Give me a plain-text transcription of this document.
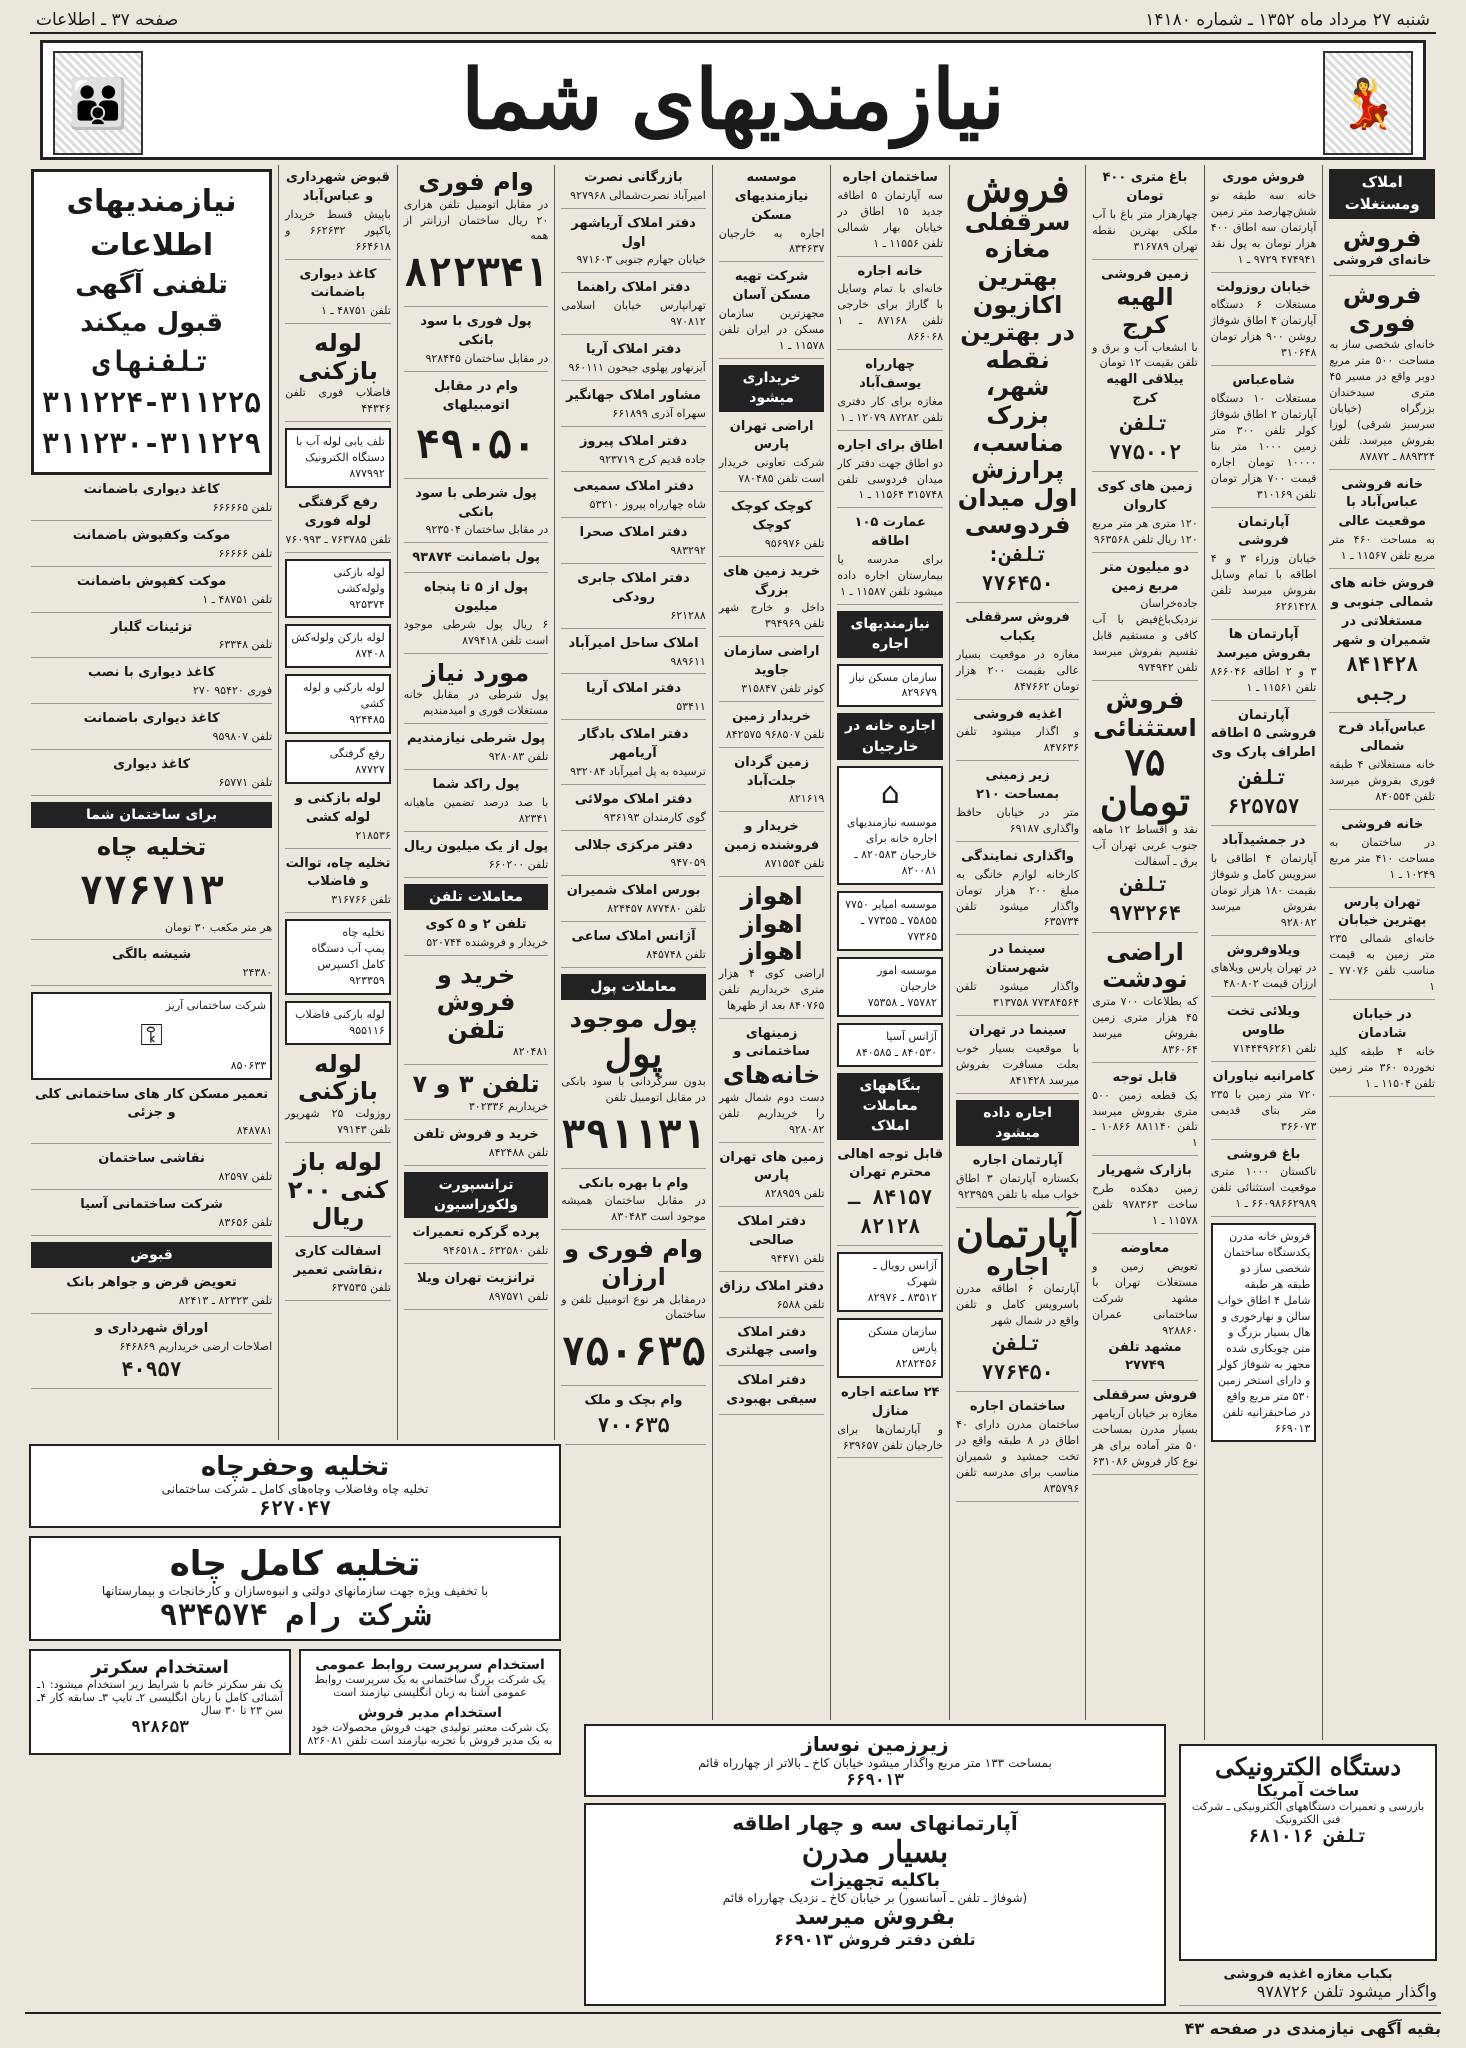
شنبه ۲۷ مرداد ماه ۱۳۵۲ ـ شماره ۱۴۱۸۰
صفحه ۳۷ ـ اطلاعات
👪	نیازمندیهای شما	💃
املاک ومستغلات
فروش
خانه‌ای فروشی
فروش فوری
خانه‌ای شخصی ساز به مساحت ۵۰۰ متر مربع دوبر واقع در مسیر ۴۵ متری سیدخندان بزرگراه (خیابان سرسبز شرقی) لوزا بفروش میرسد. تلفن ۸۸۹۳۲۴ ـ ۸۷۸۷۲
خانه فروشی عباس‌آباد با موقعیت عالی
به مساحت ۴۶۰ متر مربع تلفن ۱۱۵۶۷ ـ ۱
فروش خانه های شمالی جنوبی و مستغلاتی در شمیران و شهر
۸۴۱۴۲۸ رجبی
عباس‌آباد فرح شمالی
خانه مستغلاتی ۴ طبقه فوری بفروش میرسد تلفن ۸۴۰۵۵۴
خانه فروشی
در ساختمان به مساحت ۴۱۰ متر مربع ۱۰۲۴۹ ـ ۱
تهران پارس بهترین خیابان
خانه‌ای شمالی ۲۳۵ متر زمین به قیمت مناسب تلفن ۷۷۰۷۶ ـ ۱
در خیابان شادمان
خانه ۴ طبقه کلید نخورده ۳۶۰ متر زمین تلفن ۱۱۵۰۴ ـ ۱
فروش موری
خانه سه طبقه نو شش‌چهارصد متر زمین آپارتمان سه اطاق ۴۰۰ هزار تومان به پول نقد ۴۷۴۹۴۱ ۹۷۲۹ ـ ۱
خیابان روزولت
مستغلات ۶ دستگاه آپارتمان ۴ اطاق شوفاژ روشن ۹۰۰ هزار تومان ۳۱۰۶۴۸
شاه‌عباس
مستغلات ۱۰ دستگاه آپارتمان ۲ اطاق شوفاژ کولر تلفن ۳۰۰ متر زمین ۱۰۰۰ متر بنا ۱۰۰۰۰ تومان اجاره قیمت ۷۰۰ هزار تومان تلفن ۳۱۰۱۶۹
آپارتمان فروشی
خیابان وزراء ۳ و ۴ اطاقه با تمام وسایل بفروش میرسد تلفن ۶۲۶۱۴۲۸
آپارتمان ها بفروش میرسد
۳ و ۲ اطاقه ۸۶۶۰۴۶ تلفن ۱۱۵۶۱ ـ ۱
آپارتمان فروشی ۵ اطاقه اطراف پارک وی
تلفن ۶۲۵۷۵۷
در جمشیدآباد
آپارتمان ۴ اطاقی با سرویس کامل و شوفاژ بقیمت ۱۸۰ هزار تومان بفروش میرسد ۹۲۸۰۸۲
ویلاوفروش
در تهران پارس ویلاهای ارزان قیمت ۴۸۰۸۰۲
ویلائی تخت طاوس
تلفن ۷۱۴۴۴۹۶۲۶۱
کامرانیه نیاوران
۷۲۰ متر زمین با ۲۳۵ متر بنای قدیمی ۳۶۶۰۷۳
باغ فروشی
تاکستان ۱۰۰۰ متری موقعیت استثنائی تلفن ۶۶۰۹۸۶۶۲۹۸۹ ـ ۱
فروش خانه مدرن
یکدستگاه ساختمان شخصی ساز دو طبقه هر طبقه شامل ۴ اطاق خواب سالن و نهارخوری و هال بسیار بزرگ و متن چوبکاری شده مجهز به شوفاژ کولر و دارای استخر زمین ۵۳۰ متر مربع واقع در صاحبقرانیه تلفن ۶۶۹۰۱۳
باغ متری ۴۰۰ تومان
چهارهزار متر باغ با آب ملکی بهترین نقطه تهران ۳۱۶۷۸۹
زمین فروشی
الهیه کرج
با انشعاب آب و برق و تلفن بقیمت ۱۲ تومان
ییلاقی الهیه کرج
تلفن ۷۷۵۰۰۲
زمین های کوی کاروان
۱۲۰ متری هر متر مربع ۱۲۰ ریال تلفن ۹۶۳۵۶۸
دو میلیون متر مربع زمین
جاده‌خراسان نزدیک‌باغ‌فیض با آب کافی و مستقیم قابل تقسیم بفروش میرسد تلفن ۹۷۴۹۴۲
فروش
استثنائی
۷۵ تومان
نقد و اقساط ۱۲ ماهه جنوب غربی تهران آب برق ـ آسفالت
تلفن ۹۷۳۲۶۴
اراضی نودشت
که بطلاعات ۷۰۰ متری ۴۵ هزار متری زمین بفروش میرسد ۸۳۶۰۶۴
قابل توجه
یک قطعه زمین ۵۰۰ متری بفروش میرسد تلفن ۸۸۱۱۴۰ ۱۰۸۶۶ ـ ۱
بازارک شهریار
زمین دهکده طرح ساخت ۹۷۸۳۶۳ تلفن ۱۱۵۷۸ ـ ۱
معاوضه
تعویض زمین و مستغلات تهران با مشهد شرکت ساختمانی عمران ۹۲۸۸۶۰
مشهد تلفن ۲۷۷۴۹
فروش سرقفلی
مغازه بر خیابان آریامهر بسیار مدرن بمساحت ۵۰ متر آماده برای هر نوع کار فروش ۶۳۱۰۸۶
فروش
سرقفلی مغازه بهترین اکازیون در بهترین نقطه شهر، بزرک مناسب، پرارزش اول میدان فردوسی
تلفن: ۷۷۶۴۵۰
فروش سرقفلی یکباب
مغازه در موقعیت بسیار عالی بقیمت ۲۰۰ هزار تومان ۸۴۷۶۶۲
اغذیه فروشی
و اگذار میشود تلفن ۸۴۷۶۳۶
زیر زمینی بمساحت ۲۱۰
متر در خیابان حافظ واگذاری ۶۹۱۸۷
واگذاری نمایندگی
کارخانه لوازم خانگی به مبلغ ۲۰۰ هزار تومان واگذار میشود تلفن ۶۳۵۷۳۴
سینما در شهرستان
واگذار میشود تلفن ۷۷۳۸۴۵۶۴ ۳۱۳۷۵۸
سینما در تهران
با موقعیت بسیار خوب بعلت مسافرت بفروش میرسد ۸۴۱۴۲۸
اجاره داده میشود
آپارتمان اجاره
بکستاره آپارتمان ۳ اطاق خواب مبله با تلفن ۹۲۳۹۵۹
آپارتمان
اجاره
آپارتمان ۶ اطاقه مدرن باسرویس کامل و تلفن واقع در شمال شهر
تلفن ۷۷۶۴۵۰
ساختمان اجاره
ساختمان مدرن دارای ۴۰ اطاق در ۸ طبقه واقع در تخت جمشید و شمیران مناسب برای مدرسه تلفن ۸۳۵۷۹۶
ساختمان اجاره
سه آپارتمان ۵ اطاقه جدید ۱۵ اطاق در خیابان بهار شمالی تلفن ۱۱۵۵۶ ـ ۱
خانه اجاره
خانه‌ای با تمام وسایل با گاراژ برای خارجی تلفن ۸۷۱۶۸ ـ ۱ ۸۶۶۰۶۸
چهارراه یوسف‌آباد
مغازه برای کار دفتری تلفن ۸۷۲۸۲ ۱۲۰۷۹ ـ ۱
اطاق برای اجاره
دو اطاق جهت دفتر کار میدان فردوسی تلفن ۳۱۵۷۴۸ ۱۱۵۶۴ ـ ۱
عمارت ۱۰۵ اطاقه
برای مدرسه یا بیمارستان اجاره داده میشود تلفن ۱۱۵۸۷ ـ ۱
نیازمندیهای اجاره
سازمان مسکن نیاز
۸۲۹۶۷۹
اجاره خانه در خارجیان
⌂
موسسه نیازمندیهای اجاره خانه برای خارجیان ۸۲۰۵۸۳ ـ ۸۲۰۰۸۱
موسسه امپایر ۷۷۵۰
۷۵۸۵۵ ـ ۷۷۳۵۵ ـ ۷۷۳۶۵
موسسه امور خارجیان
۷۵۷۸۲ ـ ۷۵۳۵۸
آژانس آسیا
۸۴۰۵۳۰ ـ ۸۴۰۵۸۵
بنگاههای معاملات املاک
قابل توجه اهالی محترم تهران
۸۴۱۵۷ ـ ۸۲۱۲۸
آژانس رویال ـ شهرک
۸۳۵۱۲ ـ ۸۲۹۷۶
سازمان مسکن پارس
۸۲۸۲۴۵۶
۲۴ ساعته اجاره منازل
و آپارتمان‌ها برای خارجیان تلفن ۶۳۹۶۵۷
موسسه نیازمندیهای مسکن
اجاره به خارجیان ۸۳۴۶۳۷
شرکت تهیه مسکن آسان
مجهزترین سازمان مسکن در ایران تلفن ۱۱۵۷۸ ـ ۱
خریداری میشود
اراضی تهران پارس
شرکت تعاونی خریدار است تلفن ۷۸۰۴۸۵
کوچک کوچک کوچک
تلفن ۹۵۶۹۷۶
خرید زمین های بزرگ
داخل و خارج شهر تلفن ۳۹۴۹۶۹
اراضی سازمان جاوید
کوثر تلفن ۳۱۵۸۴۷
خریدار زمین
تلفن ۹۶۸۵۰۷ ۸۴۲۵۷۵
زمین گردان جلت‌آباد
۸۲۱۶۱۹
خریدار و فروشنده زمین
تلفن ۸۷۱۵۵۴
اهواز اهواز
اهواز
اراضی کوی ۴ هزار متری خریداریم تلفن ۸۴۰۷۶۵ بعد از ظهرها
زمینهای ساختمانی و
خانه‌های
دست دوم شمال شهر را خریداریم تلفن ۹۲۸۰۸۲
زمین های تهران پارس
تلفن ۸۲۸۹۵۹
دفتر املاک صالحی
تلفن ۹۴۴۷۱
دفتر املاک رزاق
تلفن ۶۵۸۸
دفتر املاک واسی چهلتری
دفتر املاک سیفی بهبودی
بازرگانی نصرت
امیرآباد نصرت‌شمالی ۹۲۷۹۶۸
دفتر املاک آریاشهر اول
خیابان جهارم جنوبی ۹۷۱۶۰۳
دفتر املاک راهنما
تهرانپارس خیابان اسلامی ۹۷۰۸۱۲
دفتر املاک آریا
آیزنهاور پهلوی جیحون ۹۶۰۱۱۱
مشاور املاک جهانگیر
سهراه آذری ۶۶۱۸۹۹
دفتر املاک پیروز
جاده قدیم کرج ۹۲۳۷۱۹
دفتر املاک سمیعی
شاه چهارراه پیروز ۵۳۲۱۰
دفتر املاک صحرا
۹۸۳۲۹۲
دفتر املاک جابری رودکی
۶۲۱۲۸۸
املاک ساحل امیرآباد
۹۸۹۶۱۱
دفتر املاک آریا
۵۳۴۱۱
دفتر املاک بادگار آریامهر
ترسیده به پل امیرآباد ۹۳۲۰۸۴
دفتر املاک مولائی
گوی‌ کارمندان ۹۳۶۱۹۳
دفتر مرکزی جلالی
۹۴۷۰۵۹
بورس املاک شمیران
تلفن ۸۷۷۴۸۰ ۸۲۴۴۵۷
آژانس املاک ساعی
تلفن ۸۴۵۷۴۸
معاملات پول
پول موجود
پول
بدون سرگردانی با سود بانکی در مقابل اتومبیل تلفن
۳۹۱۱۳۱
وام با بهره بانکی
در مقابل ساختمان همیشه موجود است ۸۳۰۴۸۳
وام فوری و ارزان
درمقابل هر نوع اتومبیل تلفن و ساختمان
۷۵۰۶۳۵
وام بچک و ملک
۷۰۰۶۳۵
وام فوری
در مقابل اتومبیل تلفن هزاری ۲۰ ریال ساختمان ارزانتر از همه
۸۲۲۳۴۱
پول فوری با سود بانکی
در مقابل ساختمان ۹۲۸۴۴۵
وام در مقابل اتومبیلهای
۴۹۰۵۰
پول شرطی با سود بانکی
در مقابل ساختمان ۹۲۳۵۰۴
پول باضمانت ۹۳۸۷۴
پول از ۵ تا پنجاه میلیون
۶ ریال پول شرطی موجود است تلفن ۸۷۹۴۱۸
مورد نیاز
پول شرطی در مقابل خانه مستغلات فوری‌ و امیدمندیم
پول شرطی نیازمندیم
تلفن ۹۲۸۰۸۳
پول راکد شما
با صد درصد تضمین ماهیانه ۸۲۳۴۱
پول از یک میلیون ریال
تلفن ۶۶۰۲۰۰
معاملات تلفن
تلفن ۲ و ۵ کوی
خریدار و فروشنده ۵۲۰۷۴۴
خرید و فروش تلفن
۸۲۰۴۸۱
تلفن ۳ و ۷
خریداریم ۳۰۲۳۳۶
خرید و فروش تلفن
تلفن ۸۴۲۴۸۸
ترانسپورت‌ ولکوراسیون
پرده گرکره تعمیرات
تلفن ۶۳۲۵۸۰ ـ ۹۴۶۵۱۸
ترانزیت تهران ویلا
تلفن ۸۹۷۵۷۱
قبوض شهرداری و عباس‌آباد
باپیش‌ قسط خریدار پاکپور ۶۶۲۶۳۲ و ۶۶۴۶۱۸
کاغذ دیواری باضمانت
تلفن ۴۸۷۵۱ ـ ۱
لوله بازکنی
فاضلاب فوری تلفن ۴۴۳۴۶
تلف یابی لوله آب با دستگاه الکترونیک
۸۷۷۹۹۲
رفع گرفتگی لوله فوری
تلفن ۷۶۳۷۸۵ ـ ۷۶۰۹۹۳
لوله بازکنی ولوله‌کشی
۹۲۵۳۷۴
لوله بازکن ولوله‌کش
۸۷۴۰۸
لوله بازکنی و لوله کشی
۹۲۴۴۸۵
رفع گرفتگی
۸۷۷۲۷
لوله بازکنی و لوله کشی
۲۱۸۵۳۶
تخلیه چاه، توالت و فاضلاب
تلفن ۳۱۶۷۶۶
تخلیه چاه
پمپ آب دستگاه کامل اکسپرس
۹۲۳۳۵۹
لوله بازکنی فاضلاب
۹۵۵۱۱۶
لوله بازکنی
روزولت ۲۵ شهریور تلفن ۷۹۱۴۳
لوله باز کنی ۲۰۰ ریال
اسفالت کاری ،نقاشی تعمیر
تلفن ۶۳۷۵۳۵
نیازمندیهای اطلاعات
تلفنی آگهی قبول میکند
تلفنهای ۳۱۱۲۲۵-۳۱۱۲۲۴
۳۱۱۲۳۰-۳۱۱۲۲۹
کاغذ دیواری باضمانت
تلفن ۶۶۶۶۶۵
موکت وکفپوش باضمانت
تلفن ۶۶۶۶۶
موکت کفپوش باضمانت
تلفن ۴۸۷۵۱ ـ ۱
تزئینات گلبار
تلفن ۶۳۳۴۸
کاغذ دیواری با نصب
فوری ۹۵۴۲۰ ۲۷۰
کاغذ دیواری باضمانت
تلفن ۹۵۹۸۰۷
کاغذ دیواری
تلفن ۶۵۷۷۱
برای ساختمان شما
تخلیه چاه
۷۷۶۷۱۳
هر متر مکعب ۳۰ تومان
شیشه بالگی
۲۴۳۸۰
شرکت ساختمانی آریز
⚿
۸۵۰۶۳۳
تعمیر مسکن کار های ساختمانی کلی و جزئی
۸۴۸۷۸۱
نقاشی ساختمان
تلفن ۸۲۵۹۷
شرکت ساختمانی آسیا
تلفن ۸۳۶۵۶
قبوض
تعویض قرض و جواهر بانک
تلفن ۸۲۳۲۳ ـ ۸۲۴۱۳
اوراق شهرداری و
اصلاحات ارضی خریداریم ۶۴۶۸۶۹
۴۰۹۵۷
تخلیه‌ وحفرچاه
تخلیه چاه وفاضلاب وچاه‌های کامل ـ شرکت ساختمانی
۶۲۷۰۴۷
تخلیه کامل چاه
با تخفیف ویژه جهت سازمانهای دولتی و انبوه‌سازان و کارخانجات و بیمارستانها
شرکت رام ۹۳۴۵۷۴
استخدام سرپرست روابط عمومی
یک شرکت بزرگ ساختمانی به یک سرپرست روابط عمومی آشنا به زبان انگلیسی نیازمند است
استخدام مدیر فروش
یک شرکت معتبر تولیدی جهت فروش محصولات خود به یک مدیر فروش با تجربه نیازمند است تلفن ۸۲۶۰۸۱
استخدام سکرتر
یک نفر سکرتر خانم با شرایط زیر استخدام میشود: ۱ـ آشنائی کامل با زبان انگلیسی ۲ـ تایپ ۳ـ سابقه کار ۴ـ سن ۲۳ تا ۳۰ سال
۹۲۸۶۵۳
زیرزمین نوساز
بمساحت ۱۳۳ متر مربع واگذار میشود خیابان کاخ ـ بالاتر از چهارراه قائم
۶۶۹۰۱۳
آپارتمانهای سه و چهار اطاقه
بسیار مدرن
باکلیه تجهیزات
(شوفاژ ـ تلفن ـ آسانسور) بر خیابان کاخ ـ نزدیک چهارراه قائم
بفروش میرسد
تلفن دفتر فروش ۶۶۹۰۱۳
دستگاه الکترونیکی
ساخت آمریکا
بازرسی و تعمیرات دستگاههای الکترونیکی ـ شرکت فنی الکترونیک
تلفن ۶۸۱۰۱۶
بکباب مغازه اغذیه فروشی
واگذار میشود تلفن ۹۷۸۷۲۶
بقیه آگهی نیازمندی در صفحه ۴۳
